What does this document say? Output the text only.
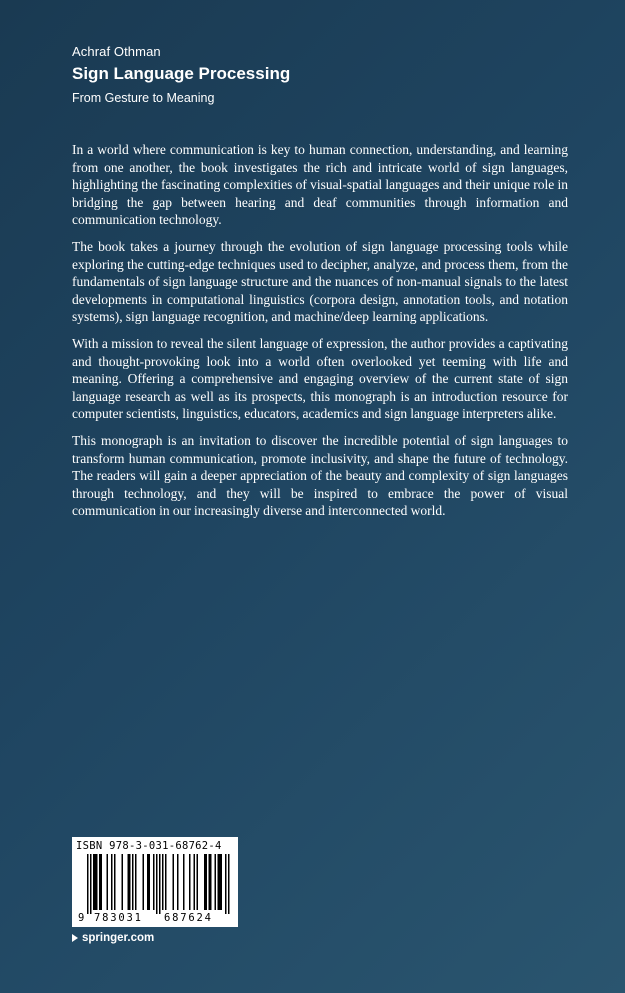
Achraf Othman
Sign Language Processing
From Gesture to Meaning

In a world where communication is key to human connection, understanding, and learning from one another, the book investigates the rich and intricate world of sign languages, highlighting the fascinating complexities of visual-spatial languages and their unique role in bridging the gap between hearing and deaf communities through information and communication technology.

The book takes a journey through the evolution of sign language processing tools while exploring the cutting-edge techniques used to decipher, analyze, and process them, from the fundamentals of sign language structure and the nuances of non-manual signals to the latest developments in computational linguistics (corpora design, annotation tools, and notation systems), sign language recognition, and machine/deep learning applications.

With a mission to reveal the silent language of expression, the author provides a captivating and thought-provoking look into a world often overlooked yet teeming with life and meaning. Offering a comprehensive and engaging overview of the current state of sign language research as well as its prospects, this monograph is an introduction resource for computer scientists, linguistics, educators, academics and sign language interpreters alike.

This monograph is an invitation to discover the incredible potential of sign languages to transform human communication, promote inclusivity, and shape the future of technology. The readers will gain a deeper appreciation of the beauty and complexity of sign languages through technology, and they will be inspired to embrace the power of visual communication in our increasingly diverse and interconnected world.

ISBN 978-3-031-68762-4
9 783031 687624
springer.com
